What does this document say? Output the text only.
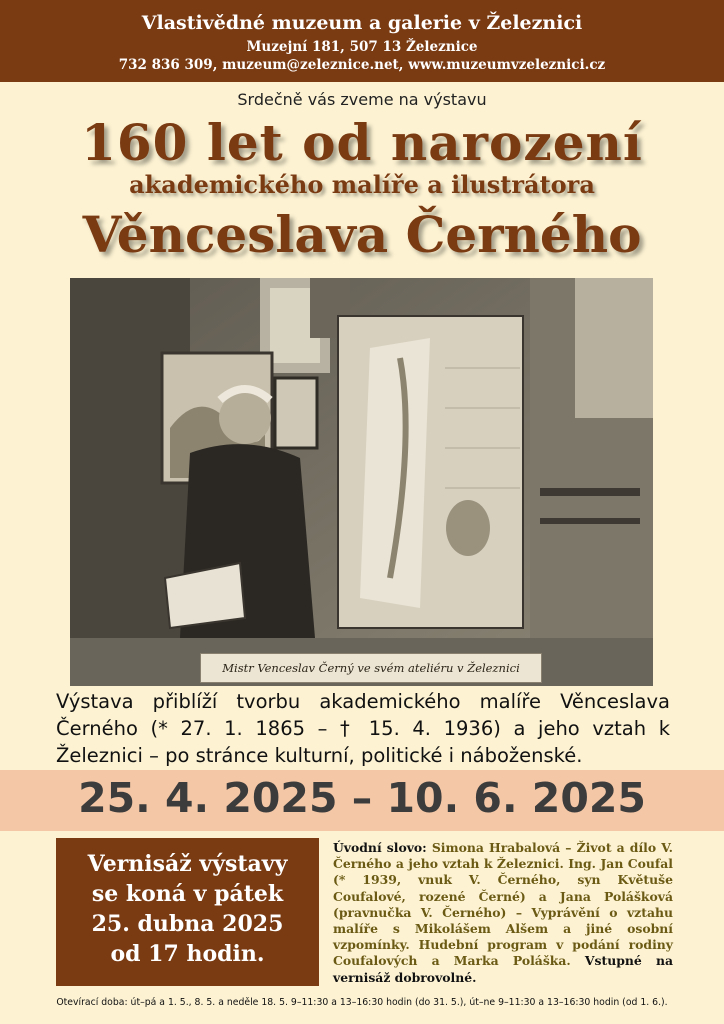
Vlastivědné muzeum a galerie v Železnici
Muzejní 181, 507 13 Železnice
732 836 309, muzeum@zeleznice.net, www.muzeumvzeleznici.cz
Srdečně vás zveme na výstavu
160 let od narození
akademického malíře a ilustrátora
Věnceslava Černého
Mistr Venceslav Černý ve svém ateliéru v Železnici
Výstava přiblíží tvorbu akademického malíře Věnceslava Černého (* 27. 1. 1865 – † 15. 4. 1936) a jeho vztah k Železnici – po stránce kulturní, politické i náboženské.
25. 4. 2025 – 10. 6. 2025
Vernisáž výstavy
se koná v pátek
25. dubna 2025
od 17 hodin.
Úvodní slovo: Simona Hrabalová – Život a dílo V. Černého a jeho vztah k Železnici. Ing. Jan Coufal (* 1939, vnuk V. Černého, syn Květuše Coufalové, rozené Černé) a Jana Polášková (pravnučka V. Černého) – Vyprávění o vztahu malíře s Mikolášem Alšem a jiné osobní vzpomínky. Hudební program v podání rodiny Coufalových a Marka Poláška. Vstupné na vernisáž dobrovolné.
Otevírací doba: út–pá a 1. 5., 8. 5. a neděle 18. 5. 9–11:30 a 13–16:30 hodin (do 31. 5.), út–ne 9–11:30 a 13–16:30 hodin (od 1. 6.).
